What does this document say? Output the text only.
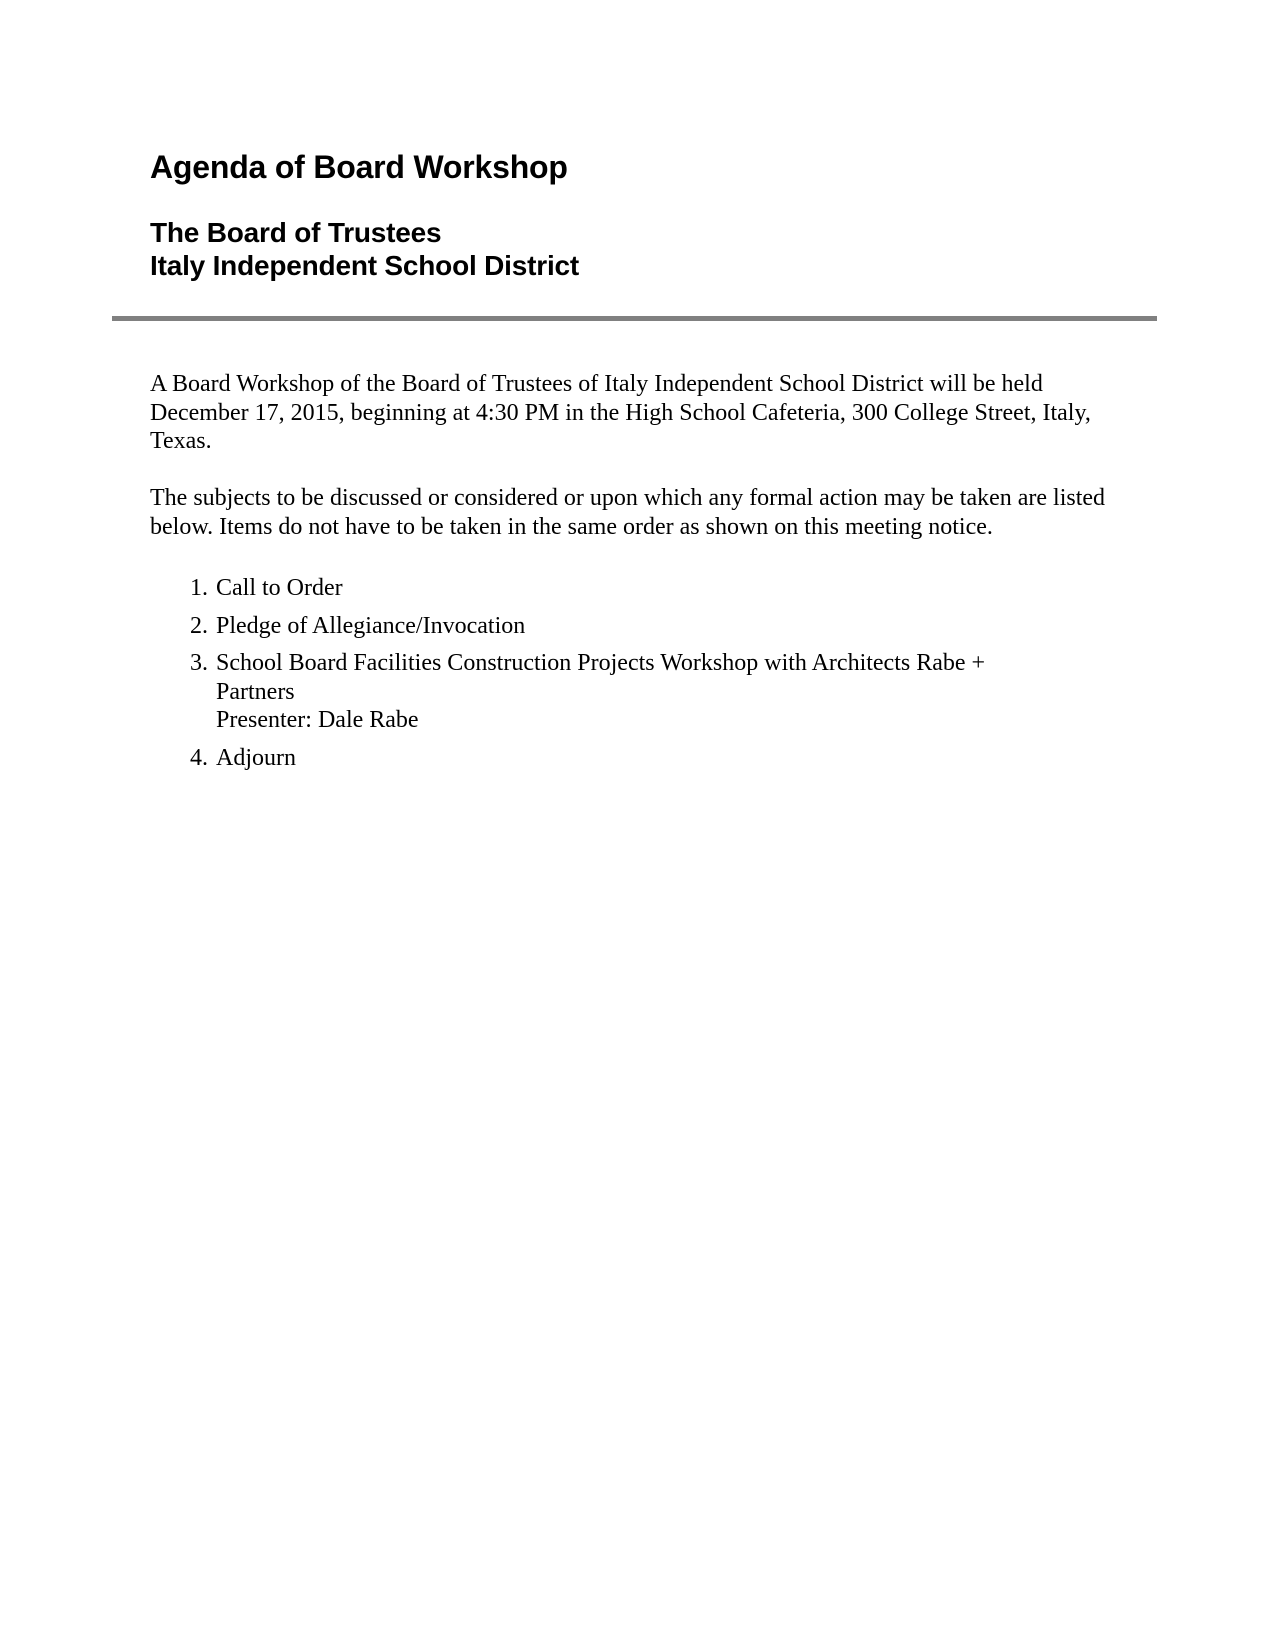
Agenda of Board Workshop
The Board of Trustees
Italy Independent School District

A Board Workshop of the Board of Trustees of Italy Independent School District will be held December 17, 2015, beginning at 4:30 PM in the High School Cafeteria, 300 College Street, Italy, Texas.

The subjects to be discussed or considered or upon which any formal action may be taken are listed below. Items do not have to be taken in the same order as shown on this meeting notice.

1. Call to Order
2. Pledge of Allegiance/Invocation
3. School Board Facilities Construction Projects Workshop with Architects Rabe + Partners
Presenter: Dale Rabe
4. Adjourn
